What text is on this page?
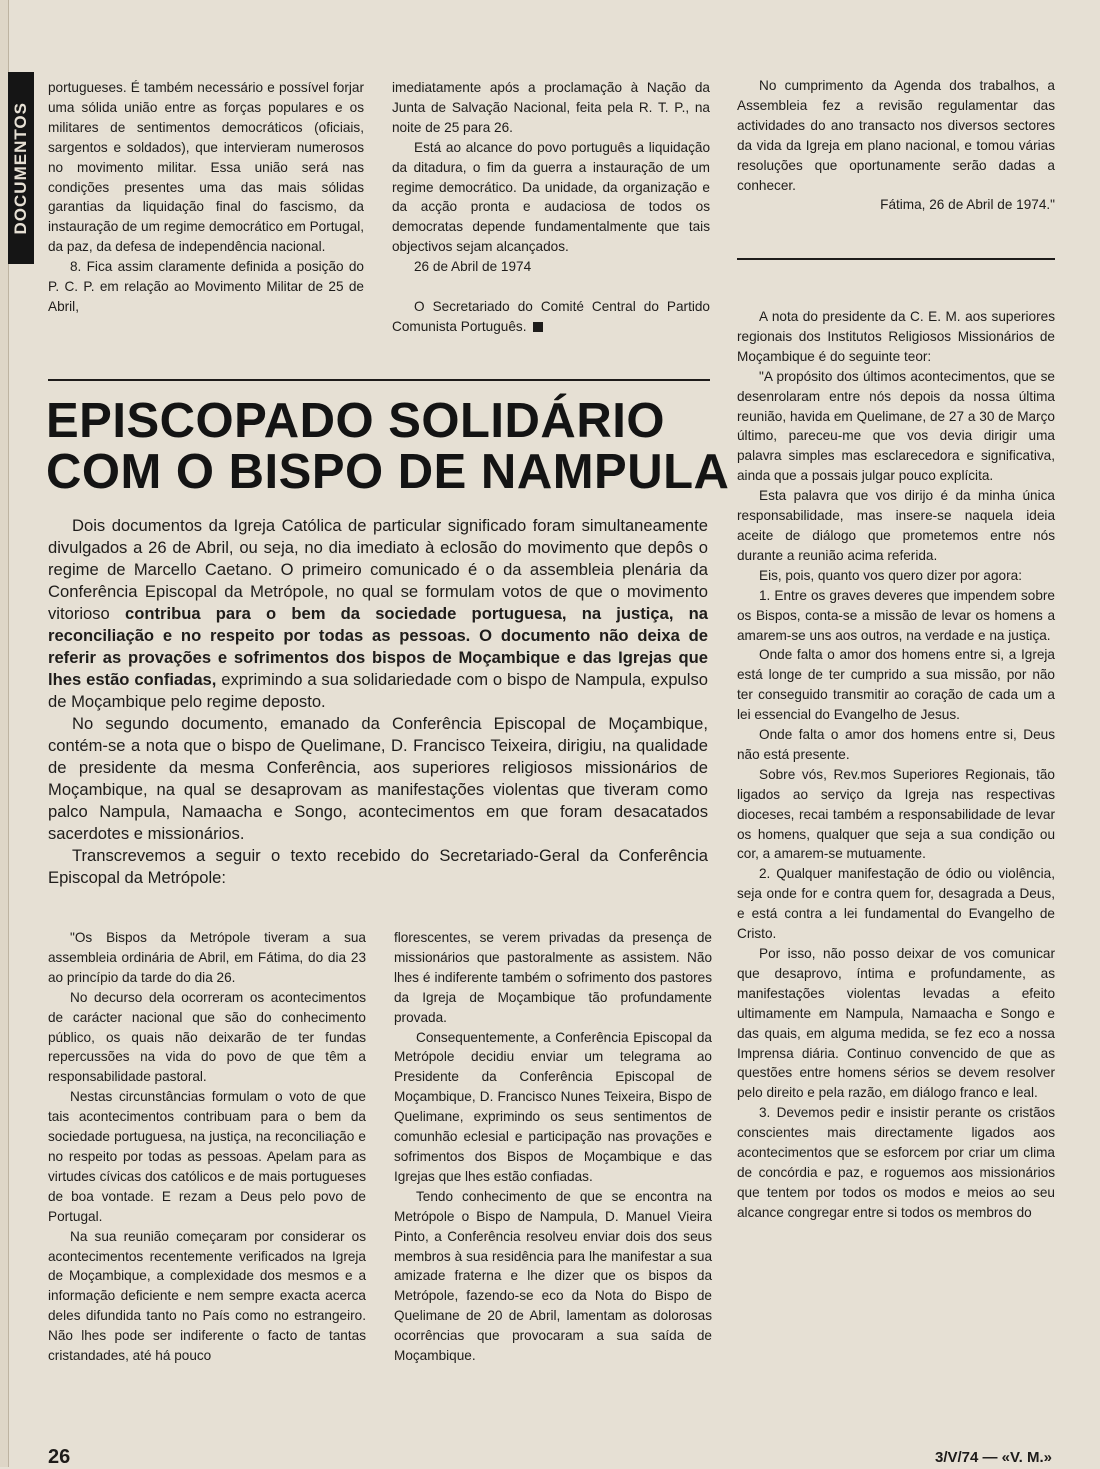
DOCUMENTOS

portugueses. É também necessário e possível forjar uma sólida união entre as forças populares e os militares de sentimentos democráticos (oficiais, sargentos e soldados), que intervieram numerosos no movimento militar. Essa união será nas condições presentes uma das mais sólidas garantias da liquidação final do fascismo, da instauração de um regime democrático em Portugal, da paz, da defesa de independência nacional.

8. Fica assim claramente definida a posição do P. C. P. em relação ao Movimento Militar de 25 de Abril,

imediatamente após a proclamação à Nação da Junta de Salvação Nacional, feita pela R. T. P., na noite de 25 para 26.

Está ao alcance do povo português a liquidação da ditadura, o fim da guerra a instauração de um regime democrático. Da unidade, da organização e da acção pronta e audaciosa de todos os democratas depende fundamentalmente que tais objectivos sejam alcançados.

26 de Abril de 1974

O Secretariado do Comité Central do Partido Comunista Português.

No cumprimento da Agenda dos trabalhos, a Assembleia fez a revisão regulamentar das actividades do ano transacto nos diversos sectores da vida da Igreja em plano nacional, e tomou várias resoluções que oportunamente serão dadas a conhecer.

Fátima, 26 de Abril de 1974."

A nota do presidente da C. E. M. aos superiores regionais dos Institutos Religiosos Missionários de Moçambique é do seguinte teor:

"A propósito dos últimos acontecimentos, que se desenrolaram entre nós depois da nossa última reunião, havida em Quelimane, de 27 a 30 de Março último, pareceu-me que vos devia dirigir uma palavra simples mas esclarecedora e significativa, ainda que a possais julgar pouco explícita.

Esta palavra que vos dirijo é da minha única responsabilidade, mas insere-se naquela ideia aceite de diálogo que prometemos entre nós durante a reunião acima referida.

Eis, pois, quanto vos quero dizer por agora:

1. Entre os graves deveres que impendem sobre os Bispos, conta-se a missão de levar os homens a amarem-se uns aos outros, na verdade e na justiça.

Onde falta o amor dos homens entre si, a Igreja está longe de ter cumprido a sua missão, por não ter conseguido transmitir ao coração de cada um a lei essencial do Evangelho de Jesus.

Onde falta o amor dos homens entre si, Deus não está presente.

Sobre vós, Rev.mos Superiores Regionais, tão ligados ao serviço da Igreja nas respectivas dioceses, recai também a responsabilidade de levar os homens, qualquer que seja a sua condição ou cor, a amarem-se mutuamente.

2. Qualquer manifestação de ódio ou violência, seja onde for e contra quem for, desagrada a Deus, e está contra a lei fundamental do Evangelho de Cristo.

Por isso, não posso deixar de vos comunicar que desaprovo, íntima e profundamente, as manifestações violentas levadas a efeito ultimamente em Nampula, Namaacha e Songo e das quais, em alguma medida, se fez eco a nossa Imprensa diária. Continuo convencido de que as questões entre homens sérios se devem resolver pelo direito e pela razão, em diálogo franco e leal.

3. Devemos pedir e insistir perante os cristãos conscientes mais directamente ligados aos acontecimentos que se esforcem por criar um clima de concórdia e paz, e roguemos aos missionários que tentem por todos os modos e meios ao seu alcance congregar entre si todos os membros do

EPISCOPADO SOLIDÁRIO
COM O BISPO DE NAMPULA

Dois documentos da Igreja Católica de particular significado foram simultaneamente divulgados a 26 de Abril, ou seja, no dia imediato à eclosão do movimento que depôs o regime de Marcello Caetano. O primeiro comunicado é o da assembleia plenária da Conferência Episcopal da Metrópole, no qual se formulam votos de que o movimento vitorioso contribua para o bem da sociedade portuguesa, na justiça, na reconciliação e no respeito por todas as pessoas. O documento não deixa de referir as provações e sofrimentos dos bispos de Moçambique e das Igrejas que lhes estão confiadas, exprimindo a sua solidariedade com o bispo de Nampula, expulso de Moçambique pelo regime deposto.

No segundo documento, emanado da Conferência Episcopal de Moçambique, contém-se a nota que o bispo de Quelimane, D. Francisco Teixeira, dirigiu, na qualidade de presidente da mesma Conferência, aos superiores religiosos missionários de Moçambique, na qual se desaprovam as manifestações violentas que tiveram como palco Nampula, Namaacha e Songo, acontecimentos em que foram desacatados sacerdotes e missionários.

Transcrevemos a seguir o texto recebido do Secretariado-Geral da Conferência Episcopal da Metrópole:

"Os Bispos da Metrópole tiveram a sua assembleia ordinária de Abril, em Fátima, do dia 23 ao princípio da tarde do dia 26.

No decurso dela ocorreram os acontecimentos de carácter nacional que são do conhecimento público, os quais não deixarão de ter fundas repercussões na vida do povo de que têm a responsabilidade pastoral.

Nestas circunstâncias formulam o voto de que tais acontecimentos contribuam para o bem da sociedade portuguesa, na justiça, na reconciliação e no respeito por todas as pessoas. Apelam para as virtudes cívicas dos católicos e de mais portugueses de boa vontade. E rezam a Deus pelo povo de Portugal.

Na sua reunião começaram por considerar os acontecimentos recentemente verificados na Igreja de Moçambique, a complexidade dos mesmos e a informação deficiente e nem sempre exacta acerca deles difundida tanto no País como no estrangeiro. Não lhes pode ser indiferente o facto de tantas cristandades, até há pouco

florescentes, se verem privadas da presença de missionários que pastoralmente as assistem. Não lhes é indiferente também o sofrimento dos pastores da Igreja de Moçambique tão profundamente provada.

Consequentemente, a Conferência Episcopal da Metrópole decidiu enviar um telegrama ao Presidente da Conferência Episcopal de Moçambique, D. Francisco Nunes Teixeira, Bispo de Quelimane, exprimindo os seus sentimentos de comunhão eclesial e participação nas provações e sofrimentos dos Bispos de Moçambique e das Igrejas que lhes estão confiadas.

Tendo conhecimento de que se encontra na Metrópole o Bispo de Nampula, D. Manuel Vieira Pinto, a Conferência resolveu enviar dois dos seus membros à sua residência para lhe manifestar a sua amizade fraterna e lhe dizer que os bispos da Metrópole, fazendo-se eco da Nota do Bispo de Quelimane de 20 de Abril, lamentam as dolorosas ocorrências que provocaram a sua saída de Moçambique.

26	3/V/74 — «V. M.»
